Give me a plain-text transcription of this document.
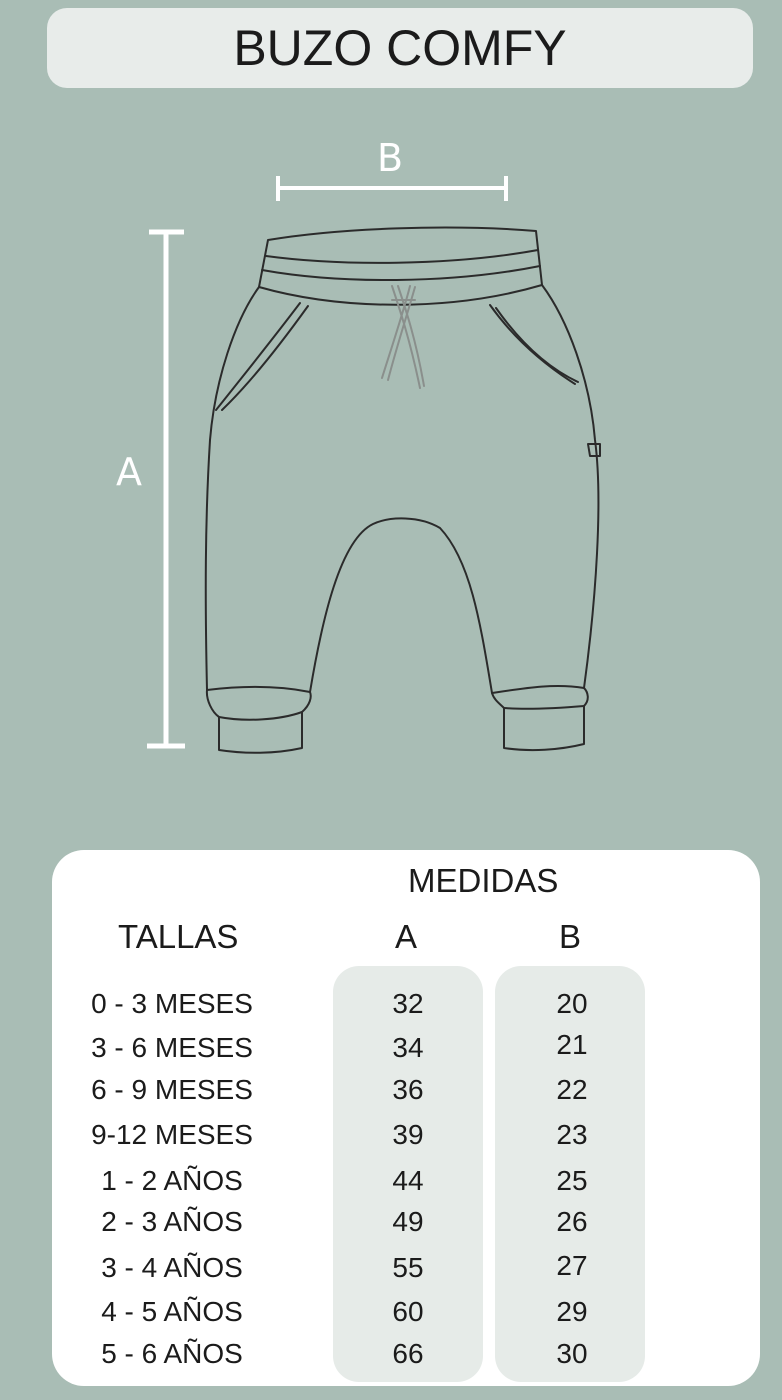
BUZO COMFY
B
A
MEDIDAS
TALLAS	A	B
0 - 3 MESES	32	20
3 - 6 MESES	34	21
6 - 9 MESES	36	22
9-12 MESES	39	23
1 - 2 AÑOS	44	25
2 - 3 AÑOS	49	26
3 - 4 AÑOS	55	27
4 - 5 AÑOS	60	29
5 - 6 AÑOS	66	30
